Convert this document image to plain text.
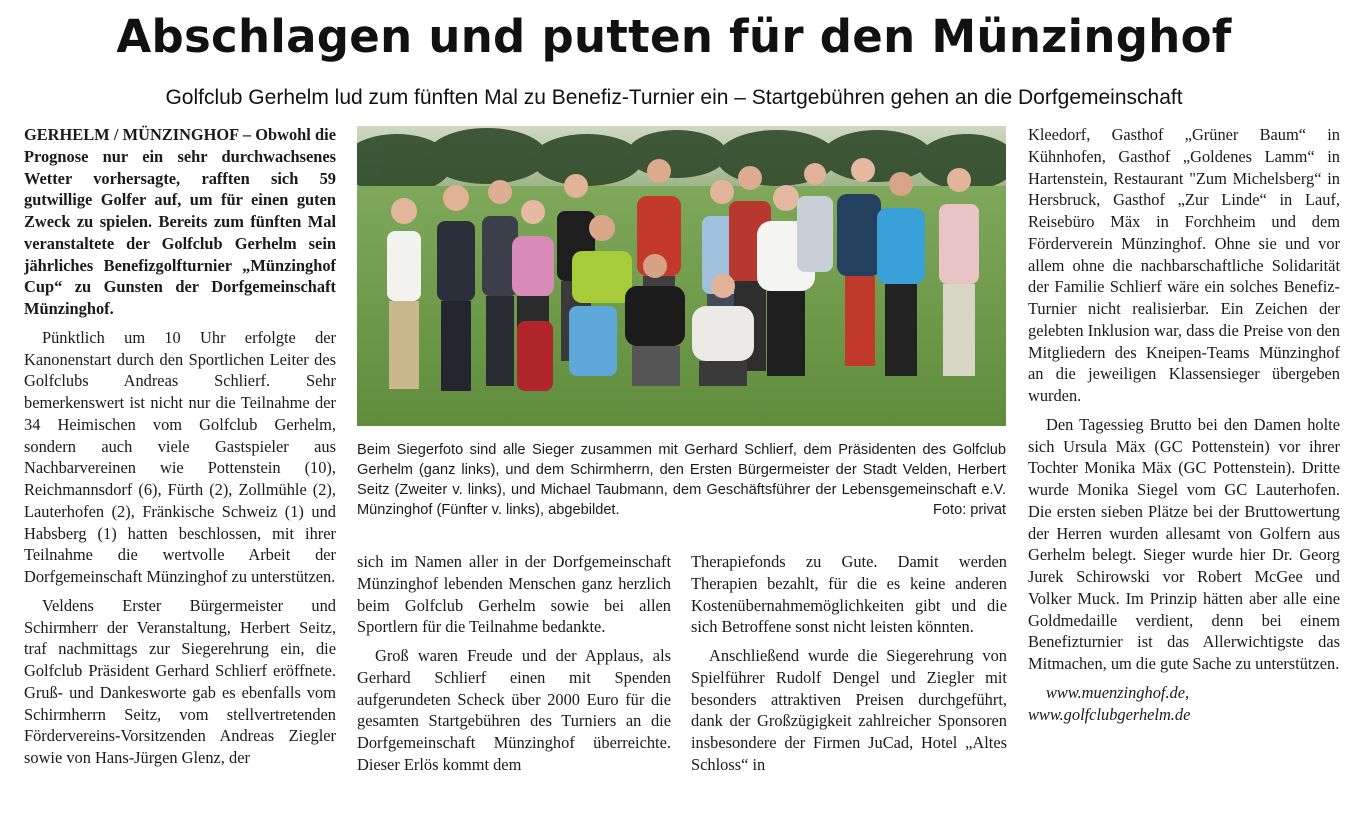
Abschlagen und putten für den Münzinghof
Golfclub Gerhelm lud zum fünften Mal zu Benefiz-Turnier ein – Startgebühren gehen an die Dorfgemeinschaft

GERHELM / MÜNZINGHOF – Obwohl die Prognose nur ein sehr durchwachsenes Wetter vorhersagte, rafften sich 59 gutwillige Golfer auf, um für einen guten Zweck zu spielen. Bereits zum fünften Mal veranstaltete der Golfclub Gerhelm sein jährliches Benefizgolfturnier „Münzinghof Cup“ zu Gunsten der Dorfgemeinschaft Münzinghof.

Pünktlich um 10 Uhr erfolgte der Kanonenstart durch den Sportlichen Leiter des Golfclubs Andreas Schlierf. Sehr bemerkenswert ist nicht nur die Teilnahme der 34 Heimischen vom Golfclub Gerhelm, sondern auch viele Gastspieler aus Nachbarvereinen wie Pottenstein (10), Reichmannsdorf (6), Fürth (2), Zollmühle (2), Lauterhofen (2), Fränkische Schweiz (1) und Habsberg (1) hatten beschlossen, mit ihrer Teilnahme die wertvolle Arbeit der Dorfgemeinschaft Münzinghof zu unterstützen.

Veldens Erster Bürgermeister und Schirmherr der Veranstaltung, Herbert Seitz, traf nachmittags zur Siegerehrung ein, die Golfclub Präsident Gerhard Schlierf eröffnete. Gruß- und Dankesworte gab es ebenfalls vom Schirmherrn Seitz, vom stellvertretenden Fördervereins-Vorsitzenden Andreas Ziegler sowie von Hans-Jürgen Glenz, der

Beim Siegerfoto sind alle Sieger zusammen mit Gerhard Schlierf, dem Präsidenten des Golfclub Gerhelm (ganz links), und dem Schirmherrn, den Ersten Bürgermeister der Stadt Velden, Herbert Seitz (Zweiter v. links), und Michael Taubmann, dem Geschäftsführer der Lebensgemeinschaft e.V. Münzinghof (Fünfter v. links), abgebildet.	Foto: privat

sich im Namen aller in der Dorfgemeinschaft Münzinghof lebenden Menschen ganz herzlich beim Golfclub Gerhelm sowie bei allen Sportlern für die Teilnahme bedankte.

Groß waren Freude und der Applaus, als Gerhard Schlierf einen mit Spenden aufgerundeten Scheck über 2000 Euro für die gesamten Startgebühren des Turniers an die Dorfgemeinschaft Münzinghof überreichte. Dieser Erlös kommt dem

Therapiefonds zu Gute. Damit werden Therapien bezahlt, für die es keine anderen Kostenübernahmemöglichkeiten gibt und die sich Betroffene sonst nicht leisten könnten.

Anschließend wurde die Siegerehrung von Spielführer Rudolf Dengel und Ziegler mit besonders attraktiven Preisen durchgeführt, dank der Großzügigkeit zahlreicher Sponsoren insbesondere der Firmen JuCad, Hotel „Altes Schloss“ in

Kleedorf, Gasthof „Grüner Baum“ in Kühnhofen, Gasthof „Goldenes Lamm“ in Hartenstein, Restaurant "Zum Michelsberg“ in Hersbruck, Gasthof „Zur Linde“ in Lauf, Reisebüro Mäx in Forchheim und dem Förderverein Münzinghof. Ohne sie und vor allem ohne die nachbarschaftliche Solidarität der Familie Schlierf wäre ein solches Benefiz-Turnier nicht realisierbar. Ein Zeichen der gelebten Inklusion war, dass die Preise von den Mitgliedern des Kneipen-Teams Münzinghof an die jeweiligen Klassensieger übergeben wurden.

Den Tagessieg Brutto bei den Damen holte sich Ursula Mäx (GC Pottenstein) vor ihrer Tochter Monika Mäx (GC Pottenstein). Dritte wurde Monika Siegel vom GC Lauterhofen. Die ersten sieben Plätze bei der Bruttowertung der Herren wurden allesamt von Golfern aus Gerhelm belegt. Sieger wurde hier Dr. Georg Jurek Schirowski vor Robert McGee und Volker Muck. Im Prinzip hätten aber alle eine Goldmedaille verdient, denn bei einem Benefizturnier ist das Allerwichtigste das Mitmachen, um die gute Sache zu unterstützen.

www.muenzinghof.de, www.golfclubgerhelm.de
